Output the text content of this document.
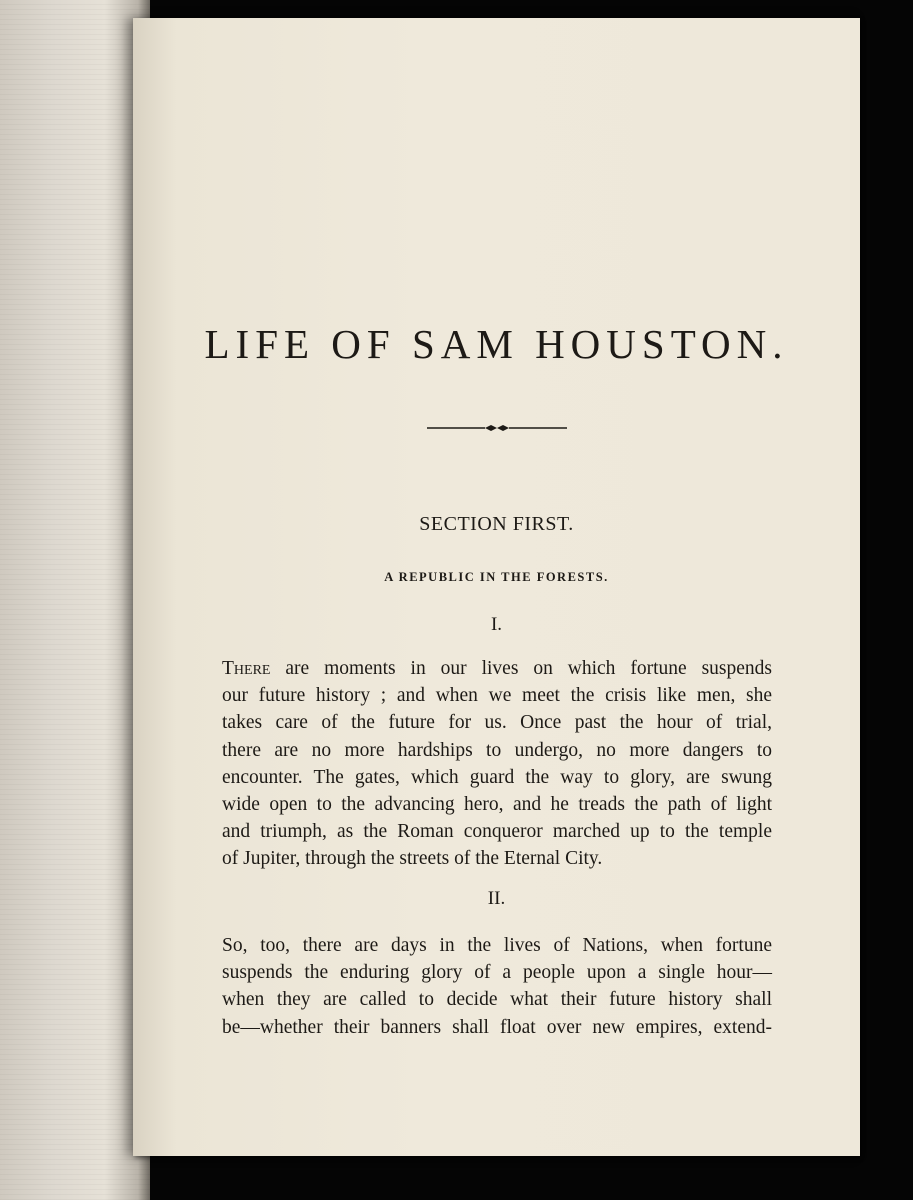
LIFE OF SAM HOUSTON.
SECTION FIRST.
A REPUBLIC IN THE FORESTS.
I.
There are moments in our lives on which fortune suspends
our future history ; and when we meet the crisis like men, she
takes care of the future for us. Once past the hour of trial,
there are no more hardships to undergo, no more dangers to
encounter. The gates, which guard the way to glory, are swung
wide open to the advancing hero, and he treads the path of light
and triumph, as the Roman conqueror marched up to the temple
of Jupiter, through the streets of the Eternal City.
II.
So, too, there are days in the lives of Nations, when fortune
suspends the enduring glory of a people upon a single hour—
when they are called to decide what their future history shall
be—whether their banners shall float over new empires, extend-
